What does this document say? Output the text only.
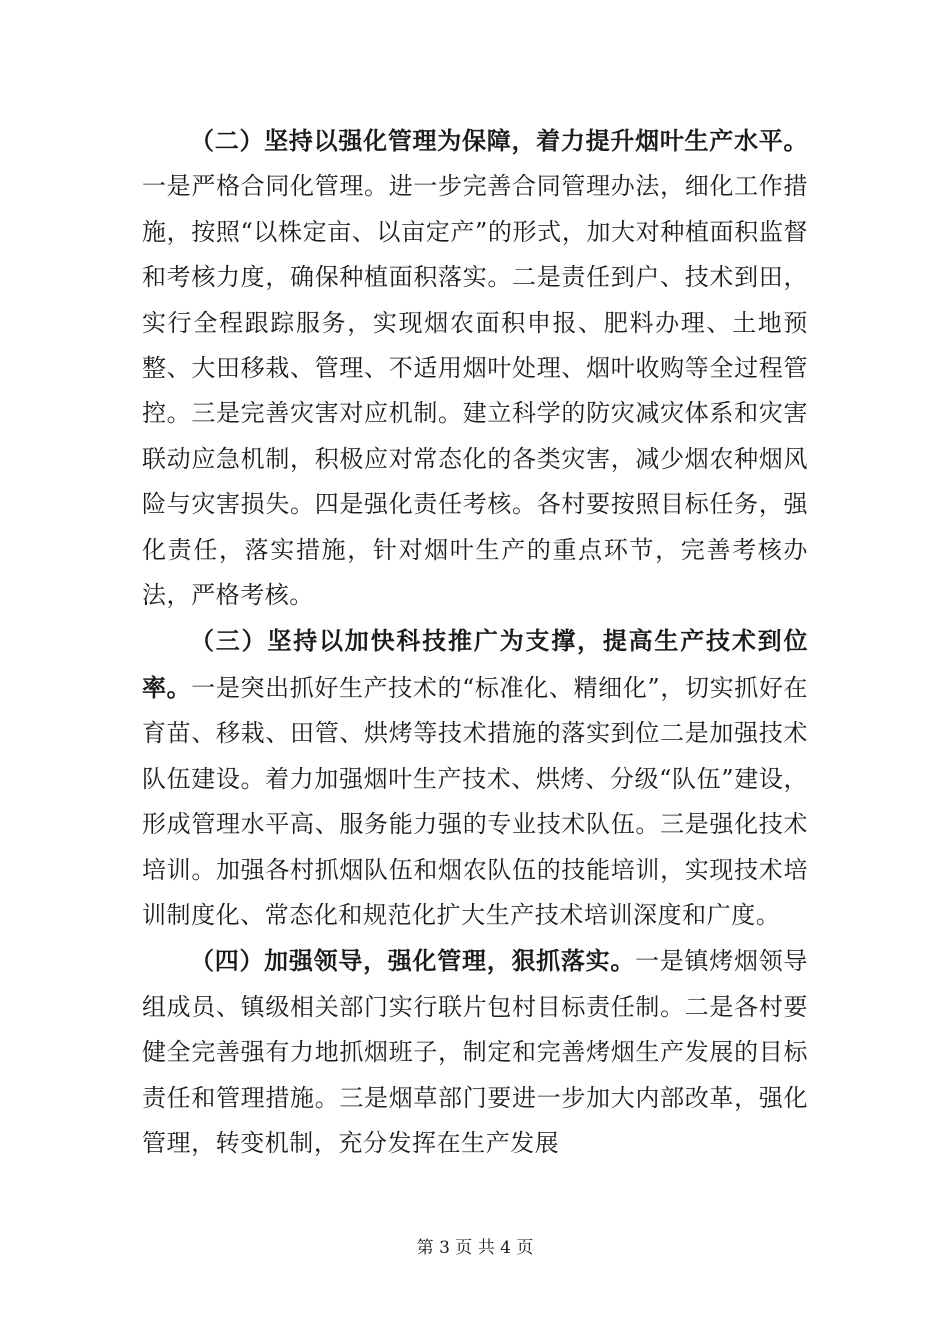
（二）坚持以强化管理为保障，着力提升烟叶生产水平。一是严格合同化管理。进一步完善合同管理办法，细化工作措施，按照“以株定亩、以亩定产”的形式，加大对种植面积监督和考核力度，确保种植面积落实。二是责任到户、技术到田，实行全程跟踪服务，实现烟农面积申报、肥料办理、土地预整、大田移栽、管理、不适用烟叶处理、烟叶收购等全过程管控。三是完善灾害对应机制。建立科学的防灾减灾体系和灾害联动应急机制，积极应对常态化的各类灾害，减少烟农种烟风险与灾害损失。四是强化责任考核。各村要按照目标任务，强化责任，落实措施，针对烟叶生产的重点环节，完善考核办法，严格考核。

（三）坚持以加快科技推广为支撑，提高生产技术到位率。一是突出抓好生产技术的“标准化、精细化”，切实抓好在育苗、移栽、田管、烘烤等技术措施的落实到位二是加强技术队伍建设。着力加强烟叶生产技术、烘烤、分级“队伍”建设，形成管理水平高、服务能力强的专业技术队伍。三是强化技术培训。加强各村抓烟队伍和烟农队伍的技能培训，实现技术培训制度化、常态化和规范化扩大生产技术培训深度和广度。

（四）加强领导，强化管理，狠抓落实。一是镇烤烟领导组成员、镇级相关部门实行联片包村目标责任制。二是各村要健全完善强有力地抓烟班子，制定和完善烤烟生产发展的目标责任和管理措施。三是烟草部门要进一步加大内部改革，强化管理，转变机制，充分发挥在生产发展

第 3 页 共 4 页
